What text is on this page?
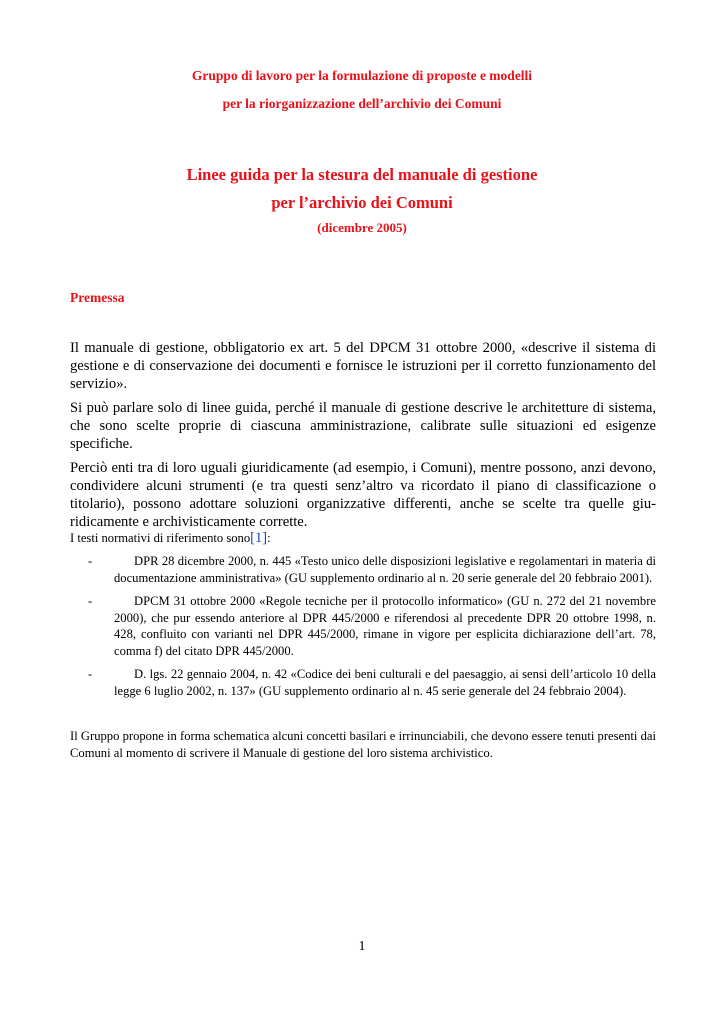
Gruppo di lavoro per la formulazione di proposte e modelli
per la riorganizzazione dell’archivio dei Comuni
Linee guida per la stesura del manuale di gestione
per l’archivio dei Comuni
(dicembre 2005)
Premessa

Il manuale di gestione, obbligatorio ex art. 5 del DPCM 31 ottobre 2000, «descrive il sistema di gestione e di conservazione dei documenti e fornisce le istruzioni per il corretto funzionamento del servizio».

Si può parlare solo di linee guida, perché il manuale di gestione descrive le architetture di sistema, che sono scelte proprie di ciascuna amministrazione, calibrate sulle situazioni ed esigenze specifiche.

Perciò enti tra di loro uguali giuridicamente (ad esempio, i Comuni), mentre possono, anzi devono, condividere alcuni strumenti (e tra questi senz’altro va ricordato il piano di classificazione o titolario), possono adottare soluzioni organizzative differenti, anche se scelte tra quelle giu-ridicamente e archivisticamente corrette.

I testi normativi di riferimento sono[1]:
-	DPR 28 dicembre 2000, n. 445 «Testo unico delle disposizioni legislative e regolamentari in materia di documentazione amministrativa» (GU supplemento ordinario al n. 20 serie generale del 20 febbraio 2001).
-	DPCM 31 ottobre 2000 «Regole tecniche per il protocollo informatico» (GU n. 272 del 21 novembre 2000), che pur essendo anteriore al DPR 445/2000 e riferendosi al precedente DPR 20 ottobre 1998, n. 428, confluito con varianti nel DPR 445/2000, rimane in vigore per esplicita dichiarazione dell’art. 78, comma f) del citato DPR 445/2000.
-	D. lgs. 22 gennaio 2004, n. 42 «Codice dei beni culturali e del paesaggio, ai sensi dell’articolo 10 della legge 6 luglio 2002, n. 137» (GU supplemento ordinario al n. 45 serie generale del 24 febbraio 2004).
Il Gruppo propone in forma schematica alcuni concetti basilari e irrinunciabili, che devono essere tenuti presenti dai Comuni al momento di scrivere il Manuale di gestione del loro sistema archivistico.
1
